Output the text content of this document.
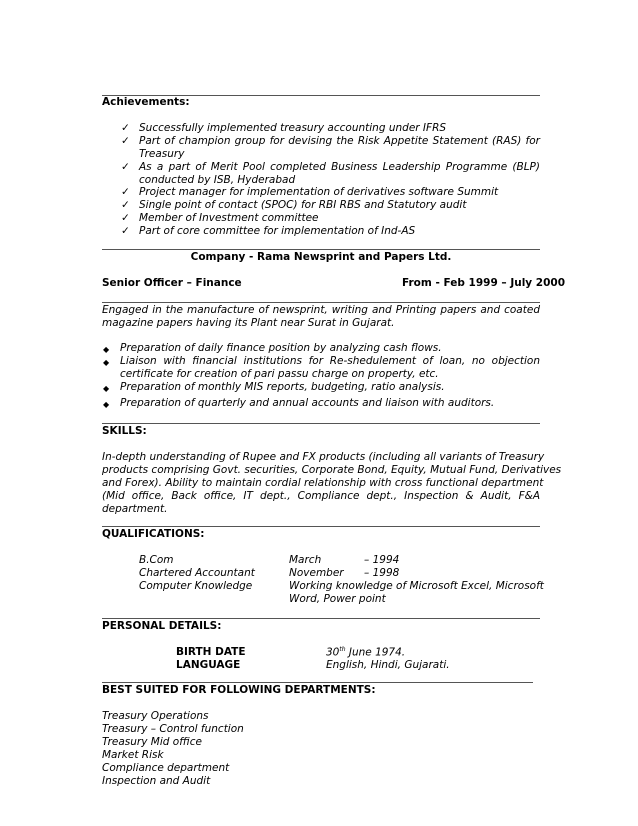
Achievements:
✓ Successfully implemented treasury accounting under IFRS
✓ Part of champion group for devising the Risk Appetite Statement (RAS) for
Treasury
✓ As a part of Merit Pool completed Business Leadership Programme (BLP)
conducted by ISB, Hyderabad
✓ Project manager for implementation of derivatives software Summit
✓ Single point of contact (SPOC) for RBI RBS and Statutory audit
✓ Member of Investment committee
✓ Part of core committee for implementation of Ind-AS
Company - Rama Newsprint and Papers Ltd.
Senior Officer – Finance	From - Feb 1999 – July 2000
Engaged in the manufacture of newsprint, writing and Printing papers and coated
magazine papers having its Plant near Surat in Gujarat.
◆ Preparation of daily finance position by analyzing cash flows.
◆ Liaison with financial institutions for Re-shedulement of loan, no objection
certificate for creation of pari passu charge on property, etc.
◆ Preparation of monthly MIS reports, budgeting, ratio analysis.
◆ Preparation of quarterly and annual accounts and liaison with auditors.
SKILLS:
In-depth understanding of Rupee and FX products (including all variants of Treasury
products comprising Govt. securities, Corporate Bond, Equity, Mutual Fund, Derivatives
and Forex). Ability to maintain cordial relationship with cross functional department
(Mid office, Back office, IT dept., Compliance dept., Inspection & Audit, F&A
department.
QUALIFICATIONS:
B.Com	March	– 1994
Chartered Accountant	November – 1998
Computer Knowledge	Working knowledge of Microsoft Excel, Microsoft
Word, Power point
PERSONAL DETAILS:
BIRTH DATE	30th June 1974.
LANGUAGE	English, Hindi, Gujarati.
BEST SUITED FOR FOLLOWING DEPARTMENTS:
Treasury Operations
Treasury – Control function
Treasury Mid office
Market Risk
Compliance department
Inspection and Audit
